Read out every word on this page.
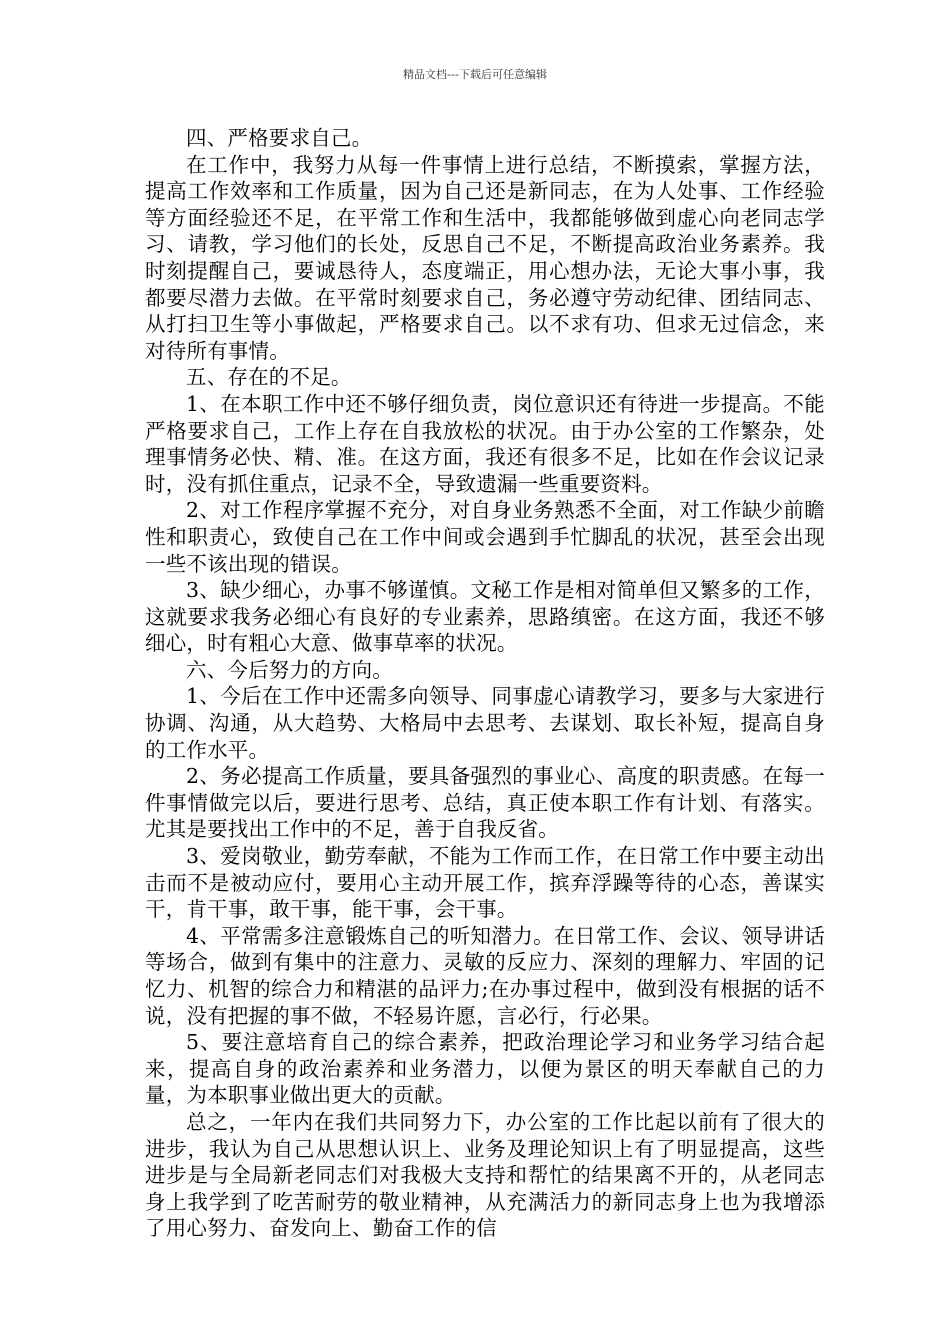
精品文档---下载后可任意编辑

四、严格要求自己。

在工作中，我努力从每一件事情上进行总结，不断摸索，掌握方法，提高工作效率和工作质量，因为自己还是新同志，在为人处事、工作经验等方面经验还不足，在平常工作和生活中，我都能够做到虚心向老同志学习、请教，学习他们的长处，反思自己不足，不断提高政治业务素养。我时刻提醒自己，要诚恳待人，态度端正，用心想办法，无论大事小事，我都要尽潜力去做。在平常时刻要求自己，务必遵守劳动纪律、团结同志、从打扫卫生等小事做起，严格要求自己。以不求有功、但求无过信念，来对待所有事情。

五、存在的不足。

1、在本职工作中还不够仔细负责，岗位意识还有待进一步提高。不能严格要求自己，工作上存在自我放松的状况。由于办公室的工作繁杂，处理事情务必快、精、准。在这方面，我还有很多不足，比如在作会议记录时，没有抓住重点，记录不全，导致遗漏一些重要资料。

2、对工作程序掌握不充分，对自身业务熟悉不全面，对工作缺少前瞻性和职责心，致使自己在工作中间或会遇到手忙脚乱的状况，甚至会出现一些不该出现的错误。

3、缺少细心，办事不够谨慎。文秘工作是相对简单但又繁多的工作，这就要求我务必细心有良好的专业素养，思路缜密。在这方面，我还不够细心，时有粗心大意、做事草率的状况。

六、今后努力的方向。

1、今后在工作中还需多向领导、同事虚心请教学习，要多与大家进行协调、沟通，从大趋势、大格局中去思考、去谋划、取长补短，提高自身的工作水平。

2、务必提高工作质量，要具备强烈的事业心、高度的职责感。在每一件事情做完以后，要进行思考、总结，真正使本职工作有计划、有落实。尤其是要找出工作中的不足，善于自我反省。

3、爱岗敬业，勤劳奉献，不能为工作而工作，在日常工作中要主动出击而不是被动应付，要用心主动开展工作，摈弃浮躁等待的心态，善谋实干，肯干事，敢干事，能干事，会干事。

4、平常需多注意锻炼自己的听知潜力。在日常工作、会议、领导讲话等场合，做到有集中的注意力、灵敏的反应力、深刻的理解力、牢固的记忆力、机智的综合力和精湛的品评力;在办事过程中，做到没有根据的话不说，没有把握的事不做，不轻易许愿，言必行，行必果。

5、要注意培育自己的综合素养，把政治理论学习和业务学习结合起来，提高自身的政治素养和业务潜力，以便为景区的明天奉献自己的力量，为本职事业做出更大的贡献。

总之，一年内在我们共同努力下，办公室的工作比起以前有了很大的进步，我认为自己从思想认识上、业务及理论知识上有了明显提高，这些进步是与全局新老同志们对我极大支持和帮忙的结果离不开的，从老同志身上我学到了吃苦耐劳的敬业精神，从充满活力的新同志身上也为我增添了用心努力、奋发向上、勤奋工作的信
